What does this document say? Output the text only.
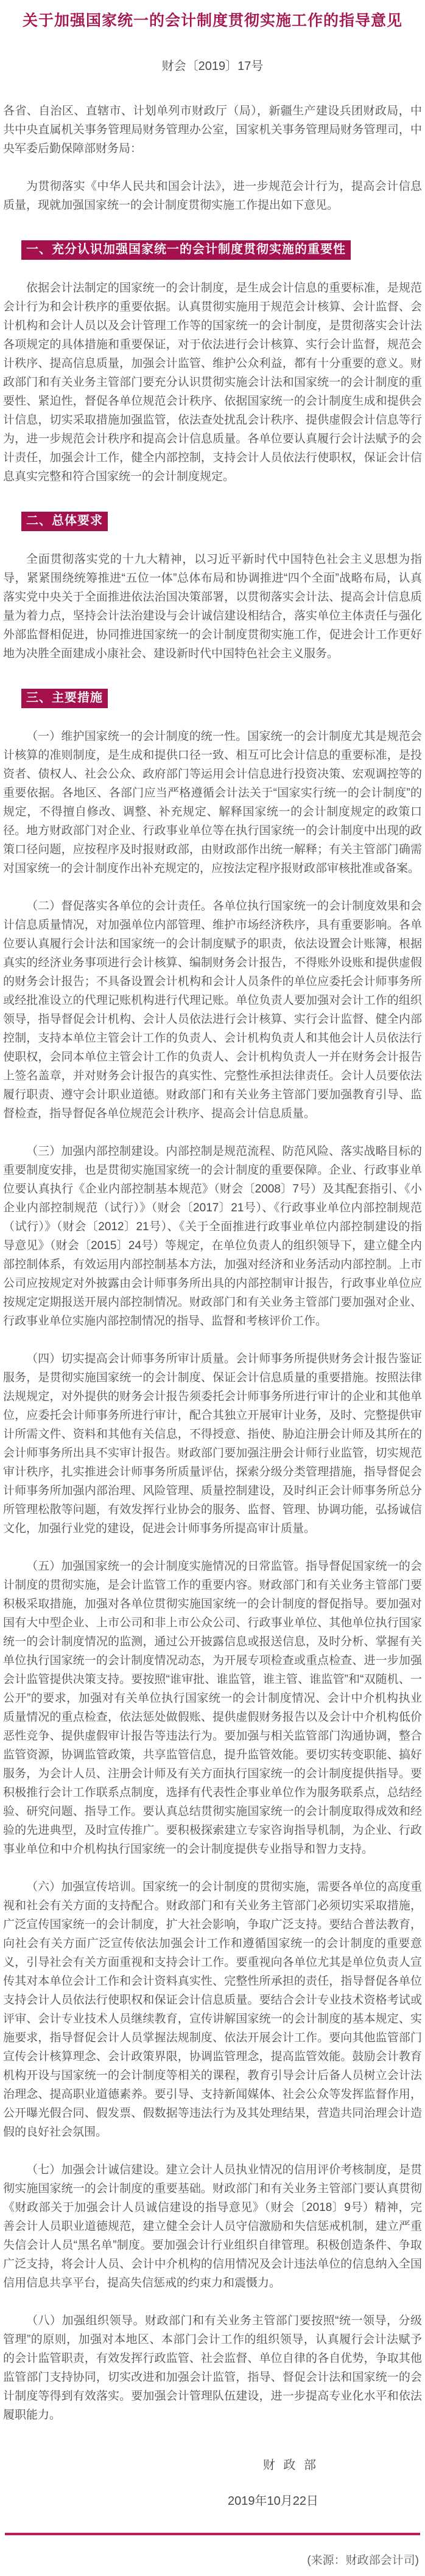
关于加强国家统一的会计制度贯彻实施工作的指导意见
财会〔2019〕17号

各省、自治区、直辖市、计划单列市财政厅（局），新疆生产建设兵团财政局，中共中央直属机关事务管理局财务管理办公室，国家机关事务管理局财务管理司，中央军委后勤保障部财务局：

为贯彻落实《中华人民共和国会计法》，进一步规范会计行为，提高会计信息质量，现就加强国家统一的会计制度贯彻实施工作提出如下意见。

一、充分认识加强国家统一的会计制度贯彻实施的重要性

依据会计法制定的国家统一的会计制度，是生成会计信息的重要标准，是规范会计行为和会计秩序的重要依据。认真贯彻实施用于规范会计核算、会计监督、会计机构和会计人员以及会计管理工作等的国家统一的会计制度，是贯彻落实会计法各项规定的具体措施和重要保证，对于依法进行会计核算、实行会计监督，规范会计秩序、提高信息质量，加强会计监管、维护公众利益，都有十分重要的意义。财政部门和有关业务主管部门要充分认识贯彻实施会计法和国家统一的会计制度的重要性、紧迫性，督促各单位规范会计秩序、依据国家统一的会计制度生成和提供会计信息，切实采取措施加强监管，依法查处扰乱会计秩序、提供虚假会计信息等行为，进一步规范会计秩序和提高会计信息质量。各单位要认真履行会计法赋予的会计责任，加强会计工作，健全内部控制，支持会计人员依法行使职权，保证会计信息真实完整和符合国家统一的会计制度规定。

二、总体要求

全面贯彻落实党的十九大精神，以习近平新时代中国特色社会主义思想为指导，紧紧围绕统筹推进“五位一体”总体布局和协调推进“四个全面”战略布局，认真落实党中央关于全面推进依法治国决策部署，以贯彻落实会计法、提高会计信息质量为着力点，坚持会计法治建设与会计诚信建设相结合，落实单位主体责任与强化外部监督相促进，协同推进国家统一的会计制度贯彻实施工作，促进会计工作更好地为决胜全面建成小康社会、建设新时代中国特色社会主义服务。

三、主要措施

（一）维护国家统一的会计制度的统一性。国家统一的会计制度尤其是规范会计核算的准则制度，是生成和提供口径一致、相互可比会计信息的重要标准，是投资者、债权人、社会公众、政府部门等运用会计信息进行投资决策、宏观调控等的重要依据。各地区、各部门应当严格遵循会计法关于“国家实行统一的会计制度”的规定，不得擅自修改、调整、补充规定、解释国家统一的会计制度规定的政策口径。地方财政部门对企业、行政事业单位等在执行国家统一的会计制度中出现的政策口径问题，应按程序及时报财政部，由财政部作出统一解释；有关主管部门确需对国家统一的会计制度作出补充规定的，应按法定程序报财政部审核批准或备案。

（二）督促落实各单位的会计责任。各单位执行国家统一的会计制度效果和会计信息质量情况，对加强单位内部管理、维护市场经济秩序，具有重要影响。各单位要认真履行会计法和国家统一的会计制度赋予的职责，依法设置会计账簿，根据真实的经济业务事项进行会计核算、编制财务会计报告，不得账外设账和提供虚假的财务会计报告；不具备设置会计机构和会计人员条件的单位应委托会计师事务所或经批准设立的代理记账机构进行代理记账。单位负责人要加强对会计工作的组织领导，指导督促会计机构、会计人员依法进行会计核算、实行会计监督、健全内部控制，支持本单位主管会计工作的负责人、会计机构负责人和其他会计人员依法行使职权，会同本单位主管会计工作的负责人、会计机构负责人一并在财务会计报告上签名盖章，并对财务会计报告的真实性、完整性承担法律责任。会计人员要依法履行职责、遵守会计职业道德。财政部门和有关业务主管部门要加强教育引导、监督检查，指导督促各单位规范会计秩序、提高会计信息质量。

（三）加强内部控制建设。内部控制是规范流程、防范风险、落实战略目标的重要制度安排，也是贯彻实施国家统一的会计制度的重要保障。企业、行政事业单位要认真执行《企业内部控制基本规范》（财会〔2008〕7号）及其配套指引、《小企业内部控制规范（试行）》（财会〔2017〕21号）、《行政事业单位内部控制规范（试行）》（财会〔2012〕21号）、《关于全面推进行政事业单位内部控制建设的指导意见》（财会〔2015〕24号）等规定，在单位负责人的组织领导下，建立健全内部控制体系，有效运用内部控制基本方法，加强对经济和业务活动内部控制。上市公司应按规定对外披露由会计师事务所出具的内部控制审计报告，行政事业单位应按规定定期报送开展内部控制情况。财政部门和有关业务主管部门要加强对企业、行政事业单位实施内部控制情况的指导、监督和考核评价工作。

（四）切实提高会计师事务所审计质量。会计师事务所提供财务会计报告鉴证服务，是贯彻实施国家统一的会计制度、保证会计信息质量的重要措施。按照法律法规规定，对外提供的财务会计报告须委托会计师事务所进行审计的企业和其他单位，应委托会计师事务所进行审计，配合其独立开展审计业务，及时、完整提供审计所需文件、资料和其他有关信息，不得授意、指使、胁迫注册会计师及其所在的会计师事务所出具不实审计报告。财政部门要加强注册会计师行业监管，切实规范审计秩序，扎实推进会计师事务所质量评估，探索分级分类管理措施，指导督促会计师事务所加强内部治理、风险管理、质量控制建设，及时纠正会计师事务所总分所管理松散等问题，有效发挥行业协会的服务、监督、管理、协调功能，弘扬诚信文化，加强行业党的建设，促进会计师事务所提高审计质量。

（五）加强国家统一的会计制度实施情况的日常监管。指导督促国家统一的会计制度的贯彻实施，是会计监管工作的重要内容。财政部门和有关业务主管部门要积极采取措施，加强对各单位贯彻实施国家统一的会计制度的督促指导。要加强对国有大中型企业、上市公司和非上市公众公司、行政事业单位、其他单位执行国家统一的会计制度情况的监测，通过公开披露信息或报送信息，及时分析、掌握有关单位执行国家统一的会计制度情况动态，为开展专项检查或重点检查、进一步加强会计监管提供决策支持。要按照“谁审批、谁监管，谁主管、谁监管”和“双随机、一公开”的要求，加强对有关单位执行国家统一的会计制度情况、会计中介机构执业质量情况的重点检查，依法惩处做假账、提供虚假财务报告以及会计中介机构低价恶性竞争、提供虚假审计报告等违法行为。要加强与相关监管部门沟通协调，整合监管资源，协调监管政策，共享监管信息，提升监管效能。要切实转变职能、搞好服务，为会计人员、注册会计师及有关方面执行国家统一的会计制度提供指导。要积极推行会计工作联系点制度，选择有代表性企事业单位作为服务联系点，总结经验、研究问题、指导工作。要认真总结贯彻实施国家统一的会计制度取得成效和经验的先进典型，及时宣传推广。要积极探索建立专家咨询指导机制，为企业、行政事业单位和中介机构执行国家统一的会计制度提供专业指导和智力支持。

（六）加强宣传培训。国家统一的会计制度的贯彻实施，需要各单位的高度重视和社会有关方面的支持配合。财政部门和有关业务主管部门必须切实采取措施，广泛宣传国家统一的会计制度，扩大社会影响，争取广泛支持。要结合普法教育，向社会有关方面广泛宣传依法加强会计工作和遵循国家统一的会计制度的重要意义，引导社会有关方面重视和支持会计工作。要重视向各单位尤其是单位负责人宣传其对本单位会计工作和会计资料真实性、完整性所承担的责任，指导督促各单位支持会计人员依法行使职权和保证会计信息质量。要结合会计专业技术资格考试或评审、会计专业技术人员继续教育，宣传讲解国家统一的会计制度的基本规定、实施要求，指导督促会计人员掌握法规制度、依法开展会计工作。要向其他监管部门宣传会计核算理念、会计政策界限，协调监管理念，提高监管效能。鼓励会计教育机构开设与国家统一的会计制度等相关的课程，教育引导会计后备人员树立会计法治理念、提高职业道德素养。要引导、支持新闻媒体、社会公众等发挥监督作用，公开曝光假合同、假发票、假数据等违法行为及其处理结果，营造共同治理会计造假的良好社会氛围。

（七）加强会计诚信建设。建立会计人员执业情况的信用评价考核制度，是贯彻实施国家统一的会计制度的重要基础。财政部门和有关业务主管部门要认真贯彻《财政部关于加强会计人员诚信建设的指导意见》（财会〔2018〕9号）精神，完善会计人员职业道德规范，建立健全会计人员守信激励和失信惩戒机制，建立严重失信会计人员“黑名单”制度。要加强会计行业组织自律管理。积极创造条件、争取广泛支持，将会计人员、会计中介机构的信用情况及会计违法单位的信息纳入全国信用信息共享平台，提高失信惩戒的约束力和震慑力。

（八）加强组织领导。财政部门和有关业务主管部门要按照“统一领导，分级管理”的原则，加强对本地区、本部门会计工作的组织领导，认真履行会计法赋予的会计监管职责，有效发挥行政监管、社会监督、单位自律的各自优势，争取其他监管部门支持协同，切实改进和加强会计监管，指导、督促会计法和国家统一的会计制度等得到有效落实。要加强会计管理队伍建设，进一步提高专业化水平和依法履职能力。

财 政 部

2019年10月22日

(来源：财政部会计司)
